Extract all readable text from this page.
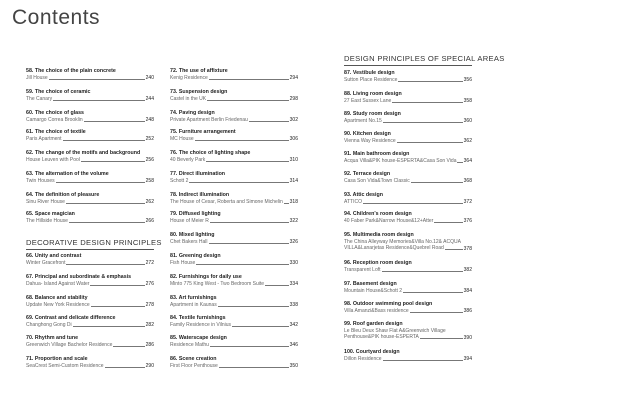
Contents
58. The choice of the plain concrete
Jill House	240
59. The choice of ceramic
The Canary	244
60. The choice of glass
Camargo Correa Brooklin	248
61. The choice of textile
Paris Apartment	252
62. The change of the motifs and background
House Leuven with Pool	256
63. The alternation of the volume
Twin Houses	258
64. The definition of pleasure
Sinu River House	262
65. Space magician
The Hillside House	266
DECORATIVE DESIGN PRINCIPLES
66. Unity and contrast
Winter Gracefront	272
67. Principal and subordinate & emphasis
Dahua- Island Against Water	276
68. Balance and stability
Update New York Residence	278
69. Contrast and delicate difference
Changhong Gong Di	282
70. Rhythm and tune
Greenwich Village Bachelor Residence	286
71. Proportion and scale
SeaCrest Semi-Custom Residence	290
72. The use of affixture
Kenig Residence	294
73. Suspension design
Castel in the UK	298
74. Paving design
Private Apartment Berlin Friedenau	302
75. Furniture arrangement
MC House	306
76. The choice of lighting shape
40 Beverly Park	310
77. Direct illumination
Schott 2	314
78. Indirect illumination
The House of Cesar, Roberta and Simone Michelin 318
79. Diffused lighting
House of Meier R	322
80. Mixed lighting
Chet Bakers Hall	326
81. Greening design
Fish House	330
82. Furnishings for daily use
Minto 775 King West - Two Bedroom Suite	334
83. Art furnishings
Apartment in Kaunas	338
84. Textile furnishings
Family Residence in Vilnius	342
85. Waterscape design
Residence Mathu	346
86. Scene creation
First Floor Penthouse	350
DESIGN PRINCIPLES OF SPECIAL AREAS
87. Vestibule design
Sutton Place Residence	356
88. Living room design
27 East Sussex Lane	358
89. Study room design
Apartment No.15	360
90. Kitchen design
Vienna Way Residence	362
91. Main bathroom design
Acqua Villa&PIK house-ESPERTA&Casa Son Vida 364
92. Terrace design
Casa Son Vida&Town Classic	368
93. Attic design
ATTICO	372
94. Children's room design
40 Faber Park&Narrow House&12+Atter	376
95. Multimedia room design
The China Alleyway Memories&Villa No.12& ACQUA
VILLA&Lanarjetas Residence&Quebrel Road	378
96. Reception room design
Transparent Loft	382
97. Basement design
Mountain House&Schott 2	384
98. Outdoor swimming pool design
Villa Amanzi&Bass residence	386
99. Roof garden design
Le Bleu Deux Shaw Flat A&Greenwich Village
Penthouse&PIK house-ESPERTA	390
100. Courtyard design
Dillon Residence	394
